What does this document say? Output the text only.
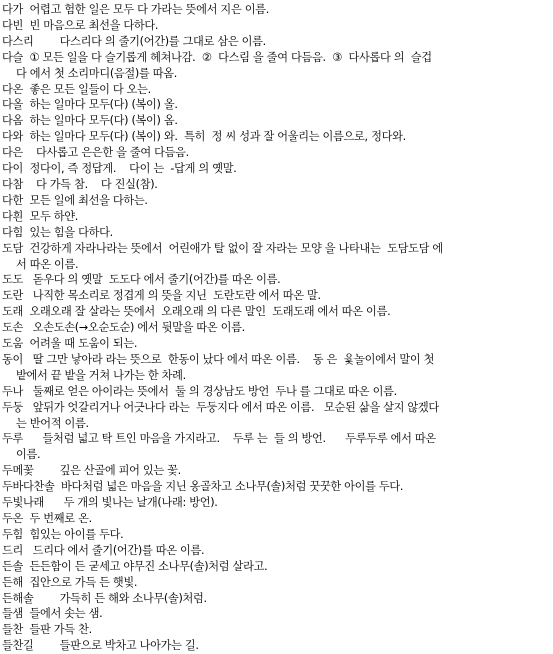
다가  어렵고 험한 일은 모두 다 가라는 뜻에서 지은 이름.
다빈  빈 마음으로 최선을 다하다.
다스리        다스리다 의 줄기(어간)를 그대로 삼은 이름.
다슬  ① 모든 일을 다 슬기롭게 헤쳐나감.  ②  다스림 을 줄여 다듬음.  ③  다사롭다 의  슬겁
다 에서 첫 소리마디(음절)를 따옴.
다온  좋은 모든 일들이 다 오는.
다올  하는 일마다 모두(다) (복이) 올.
다옴  하는 일마다 모두(다) (복이) 옴.
다와  하는 일마다 모두(다) (복이) 와.  특히  정 씨 성과 잘 어울리는 이름으로, 정다와.
다은    다사롭고 은은한 을 줄여 다듬음.
다이  정다이, 즉 정답게.    다이 는  -답게 의 옛말.
다참    다 가득 참.    다 진실(참).
다한  모든 일에 최선을 다하는.
다흰  모두 하얀.
다힘  있는 힘을 다하다.
도담  건강하게 자라나라는 뜻에서  어린애가 탈 없이 잘 자라는 모양 을 나타내는  도담도담 에
서 따온 이름.
도도   돋우다 의 옛말  도도다 에서 줄기(어간)를 따온 이름.
도란   나직한 목소리로 정겹게 의 뜻을 지닌  도란도란 에서 따온 말.
도래  오래오래 잘 살라는 뜻에서  오래오래 의 다른 말인  도래도래 에서 따온 이름.
도손   오손도손(→오순도순) 에서 뒷말을 따온 이름.
도움  어려울 때 도움이 되는.
동이   딸 그만 낳아라 라는 뜻으로  한동이 났다 에서 따온 이름.    동 은  윷놀이에서 말이 첫
밭에서 끝 밭을 거쳐 나가는 한 차례.
두나   둘째로 얻은 아이라는 뜻에서  둘 의 경상남도 방언  두나 를 그대로 따온 이름.
두둥   앞뒤가 엇갈리거나 어긋나다 라는  두둥지다 에서 따온 이름.   모순된 삶을 살지 않겠다
는 반어적 이름.
두루      들처럼 넓고 탁 트인 마음을 가지라고.    두루 는  들 의 방언.      두루두루 에서 따온
이름.
두메꽃        깊은 산골에 피어 있는 꽃.
두바다찬솔  바다처럼 넓은 마음을 지닌 옹골차고 소나무(솔)처럼 꿋꿋한 아이를 두다.
두빛나래      두 개의 빛나는 날개(나래: 방언).
두온  두 번째로 온.
두힘  힘있는 아이를 두다.
드리   드리다 에서 줄기(어간)를 따온 이름.
든솔  든든함이 든 굳세고 야무진 소나무(솔)처럼 살라고.
든해  집안으로 가득 든 햇빛.
든해솔        가득히 든 해와 소나무(솔)처럼.
들샘  들에서 솟는 샘.
들찬  들판 가득 찬.
들찬길        들판으로 박차고 나아가는 길.
